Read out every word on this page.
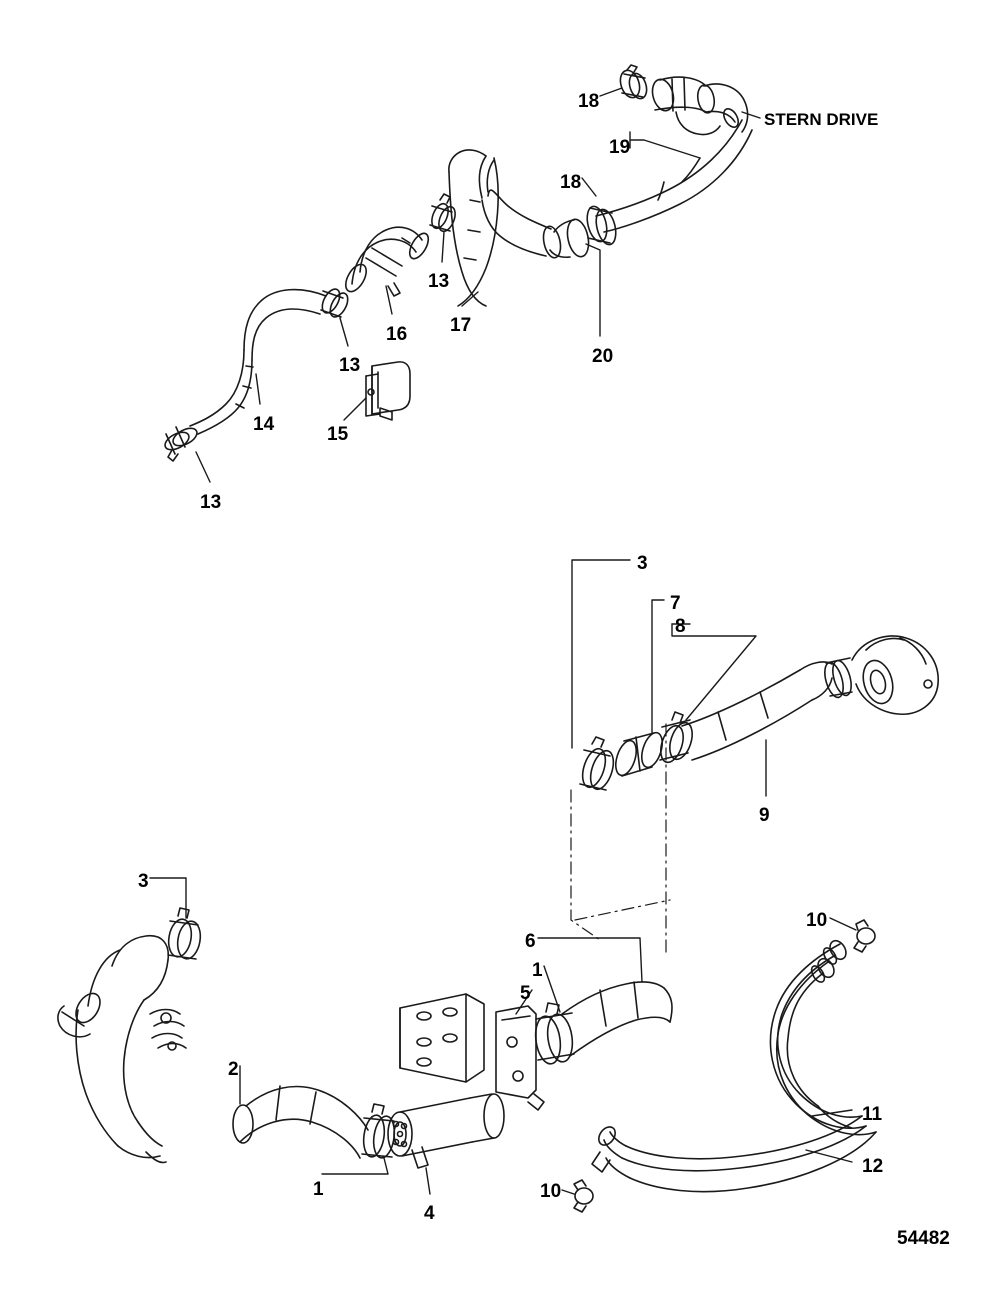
18
19
18
13
16 17
20
13
14	15
13
3
7
8
9
3
10
6
1
5
2
11
12
1	10
4
STERN DRIVE
54482
